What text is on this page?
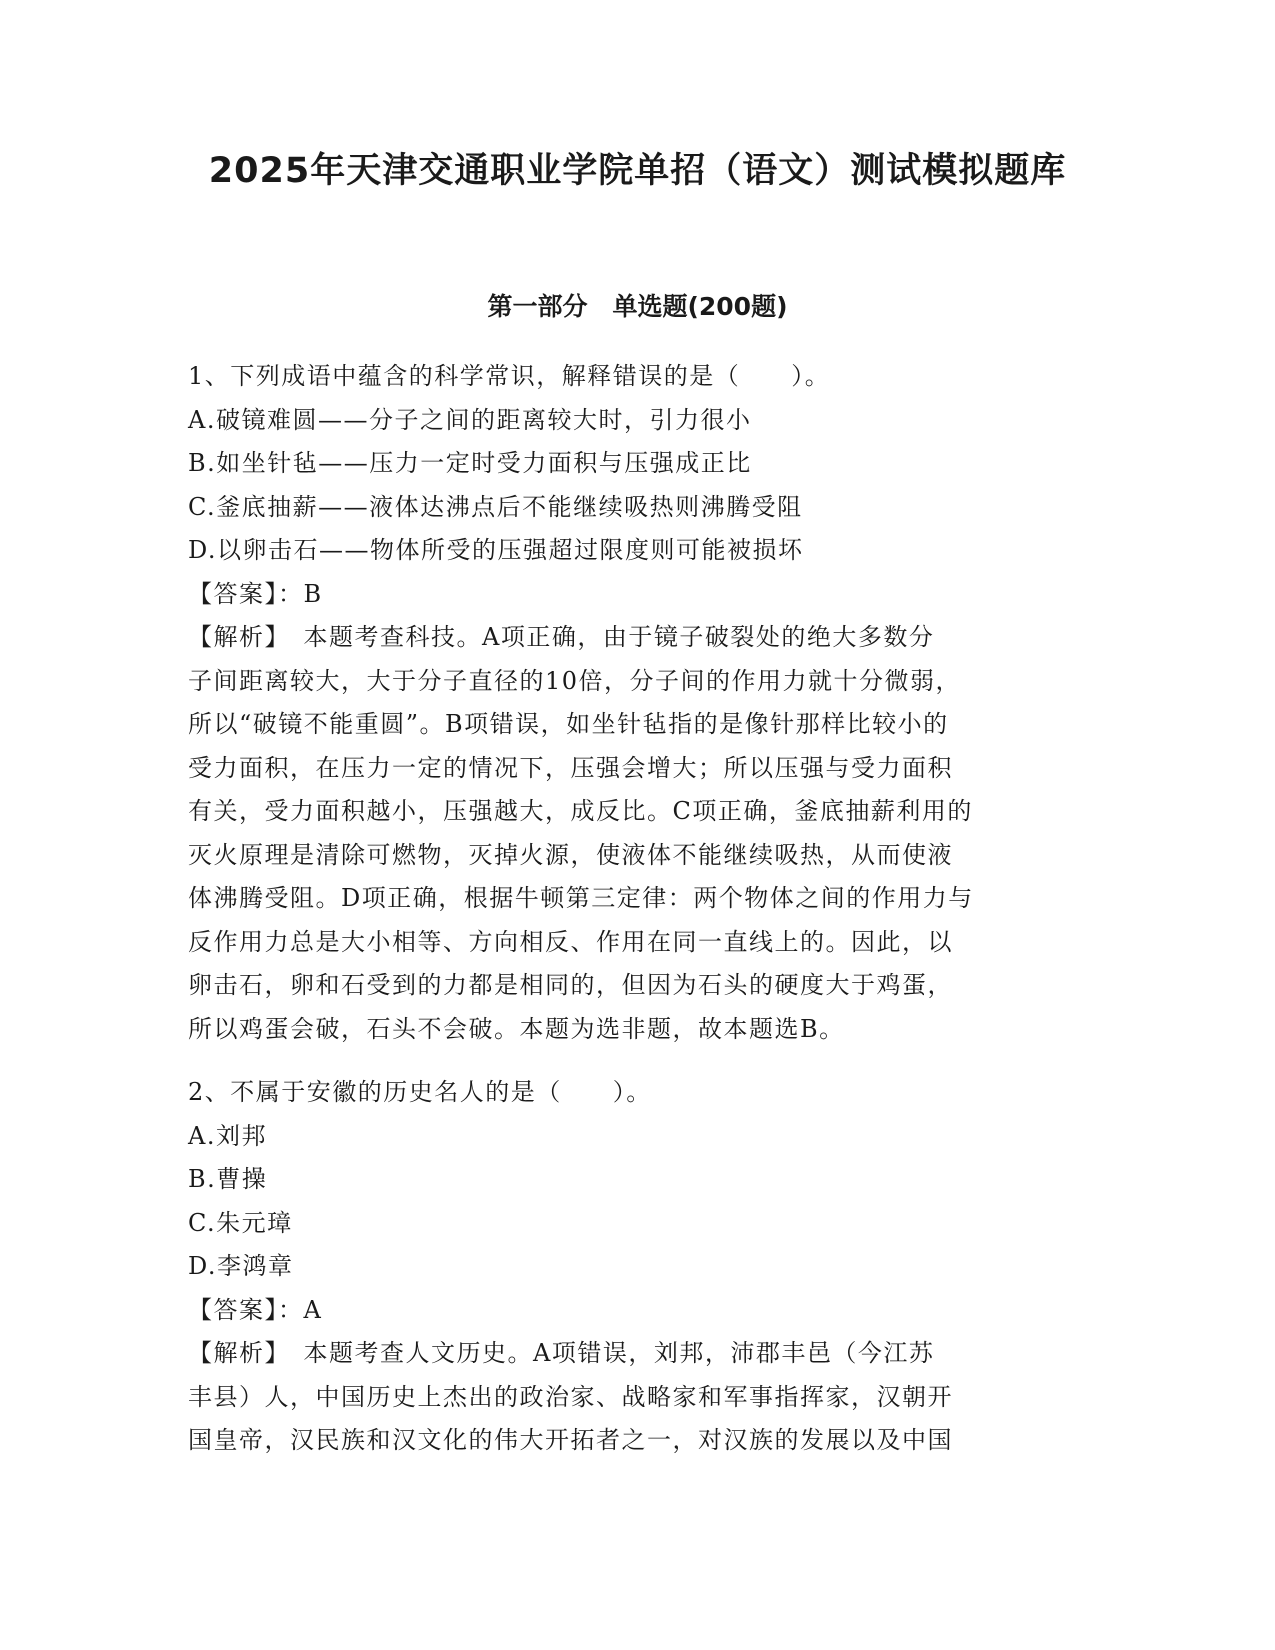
2025年天津交通职业学院单招（语文）测试模拟题库
第一部分　单选题(200题)
1、下列成语中蕴含的科学常识，解释错误的是（　　）。
A.破镜难圆——分子之间的距离较大时，引力很小
B.如坐针毡——压力一定时受力面积与压强成正比
C.釜底抽薪——液体达沸点后不能继续吸热则沸腾受阻
D.以卵击石——物体所受的压强超过限度则可能被损坏
【答案】：B
【解析】　本题考查科技。A项正确，由于镜子破裂处的绝大多数分
子间距离较大，大于分子直径的10倍，分子间的作用力就十分微弱，
所以“破镜不能重圆”。B项错误，如坐针毡指的是像针那样比较小的
受力面积，在压力一定的情况下，压强会增大；所以压强与受力面积
有关，受力面积越小，压强越大，成反比。C项正确，釜底抽薪利用的
灭火原理是清除可燃物，灭掉火源，使液体不能继续吸热，从而使液
体沸腾受阻。D项正确，根据牛顿第三定律：两个物体之间的作用力与
反作用力总是大小相等、方向相反、作用在同一直线上的。因此，以
卵击石，卵和石受到的力都是相同的，但因为石头的硬度大于鸡蛋，
所以鸡蛋会破，石头不会破。本题为选非题，故本题选B。
2、不属于安徽的历史名人的是（　　）。
A.刘邦
B.曹操
C.朱元璋
D.李鸿章
【答案】：A
【解析】　本题考查人文历史。A项错误，刘邦，沛郡丰邑（今江苏
丰县）人，中国历史上杰出的政治家、战略家和军事指挥家，汉朝开
国皇帝，汉民族和汉文化的伟大开拓者之一，对汉族的发展以及中国
